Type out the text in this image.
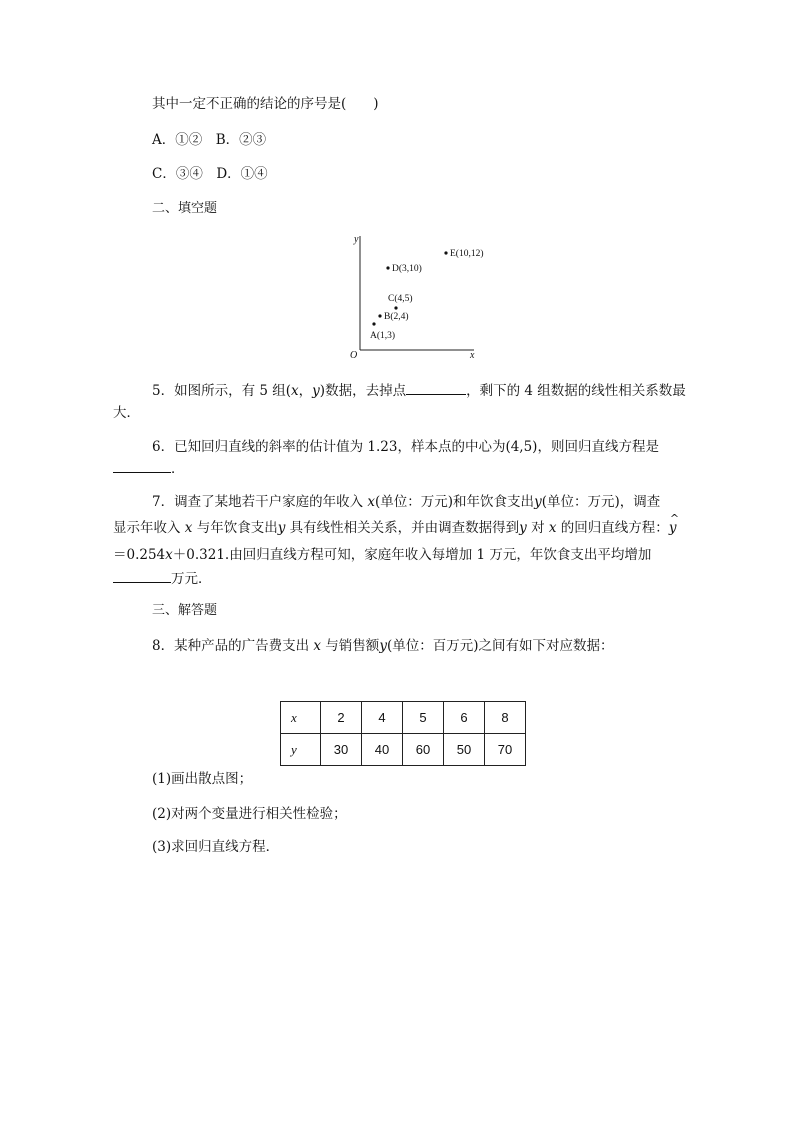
其中一定不正确的结论的序号是(　　)
A．①②　B．②③
C．③④　D．①④
二、填空题
y
x
O
A(1,3)
B(2,4)
C(4,5)
D(3,10)
E(10,12)
5．如图所示，有 5 组(x，y)数据，去掉点	，剩下的 4 组数据的线性相关系数最
大．
6．已知回归直线的斜率的估计值为 1.23，样本点的中心为(4,5)，则回归直线方程是
．
7．调查了某地若干户家庭的年收入 x(单位：万元)和年饮食支出y(单位：万元)，调查
显示年收入 x 与年饮食支出y 具有线性相关关系，并由调查数据得到y 对 x 的回归直线方程：^ y
＝0.254x＋0.321.由回归直线方程可知，家庭年收入每增加 1 万元，年饮食支出平均增加
万元．
三、解答题
8．某种产品的广告费支出 x 与销售额y(单位：百万元)之间有如下对应数据：
x	2	4	5	6	8
y	30	40	60	50	70
(1)画出散点图；
(2)对两个变量进行相关性检验；
(3)求回归直线方程．
